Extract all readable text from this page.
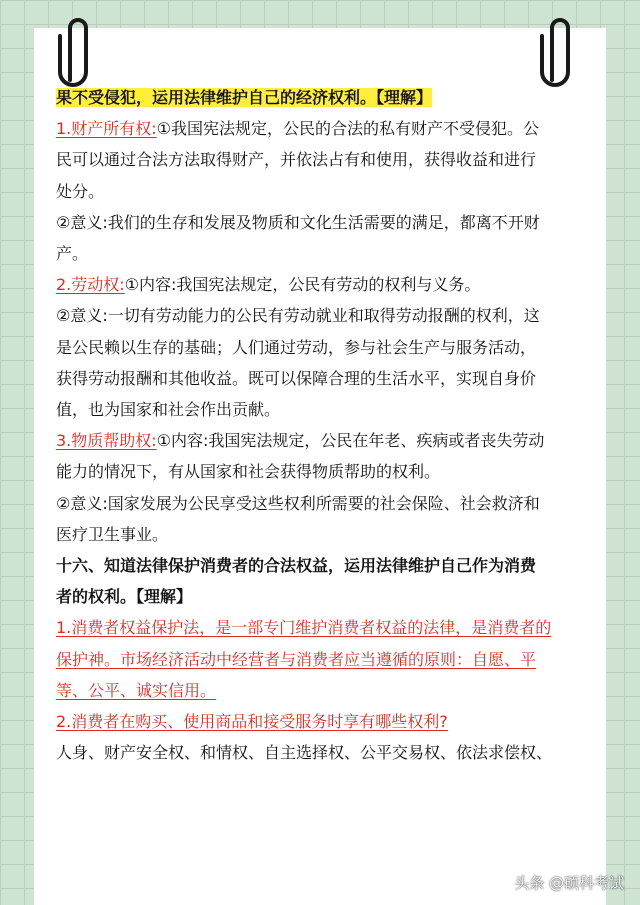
果不受侵犯，运用法律维护自己的经济权利。【理解】

1.财产所有权:①我国宪法规定，公民的合法的私有财产不受侵犯。公

民可以通过合法方法取得财产，并依法占有和使用，获得收益和进行

处分。

②意义:我们的生存和发展及物质和文化生活需要的满足，都离不开财

产。

2.劳动权:①内容:我国宪法规定，公民有劳动的权利与义务。

②意义:一切有劳动能力的公民有劳动就业和取得劳动报酬的权利，这

是公民赖以生存的基础；人们通过劳动，参与社会生产与服务活动，

获得劳动报酬和其他收益。既可以保障合理的生活水平，实现自身价

值，也为国家和社会作出贡献。

3.物质帮助权:①内容:我国宪法规定，公民在年老、疾病或者丧失劳动

能力的情况下，有从国家和社会获得物质帮助的权利。

②意义:国家发展为公民享受这些权利所需要的社会保险、社会救济和

医疗卫生事业。

十六、知道法律保护消费者的合法权益，运用法律维护自己作为消费

者的权利。【理解】

1.消费者权益保护法，是一部专门维护消费者权益的法律，是消费者的

保护神。市场经济活动中经营者与消费者应当遵循的原则：自愿、平

等、公平、诚实信用。

2.消费者在购买、使用商品和接受服务时享有哪些权利?

人身、财产安全权、和情权、自主选择权、公平交易权、依法求偿权、

头条 @硕科考试
